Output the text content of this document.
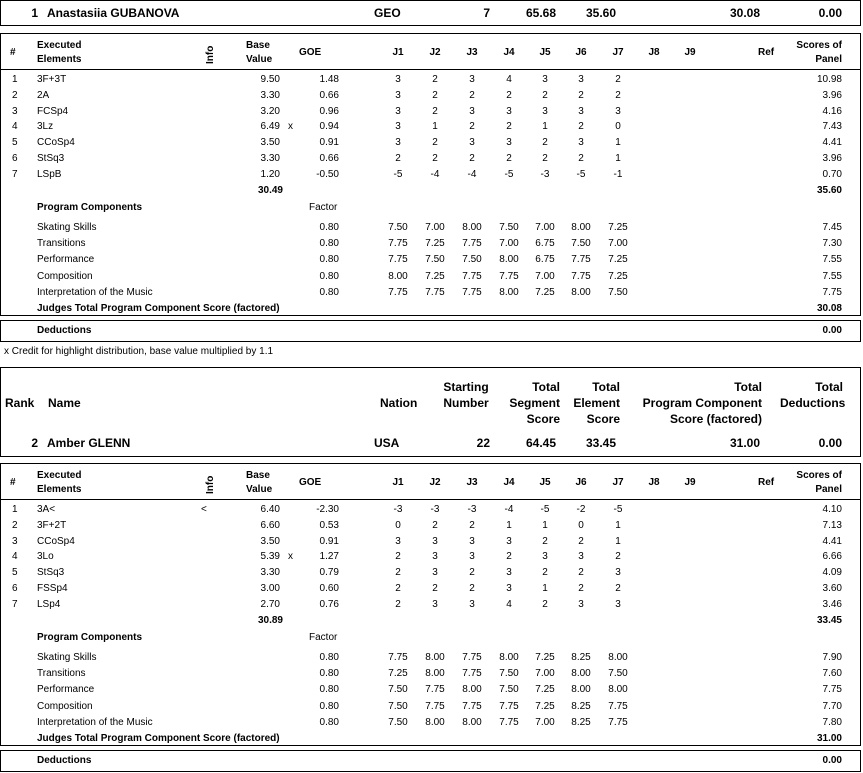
1 Anastasiia GUBANOVA	GEO	7	65.68	35.60	30.08	0.00
#
Executed
Elements	Info
Base
Value
GOE	J1	J2	J3	J4	J5	J6	J7	J8	J9	Ref
Scores of
Panel
1 3F+3T	9.50	1.48	3	2	3	4	3	3	2	10.98
2 2A	3.30	0.66	3	2	2	2	2	2	2	3.96
3 FCSp4	3.20	0.96	3	2	3	3	3	3	3	4.16
4 3Lz	6.49 x	0.94	3	1	2	2	1	2	0	7.43
5 CCoSp4	3.50	0.91	3	2	3	3	2	3	1	4.41
6 StSq3	3.30	0.66	2	2	2	2	2	2	1	3.96
7 LSpB	1.20	-0.50	-5	-4	-4	-5	-3	-5	-1	0.70
30.49	35.60
Program Components	Factor
Skating Skills	0.80	7.50	7.00	8.00	7.50	7.00	8.00	7.25	7.45
Transitions	0.80	7.75	7.25	7.75	7.00	6.75	7.50	7.00	7.30
Performance	0.80	7.75	7.50	7.50	8.00	6.75	7.75	7.25	7.55
Composition	0.80	8.00	7.25	7.75	7.75	7.00	7.75	7.25	7.55
Interpretation of the Music	0.80	7.75	7.75	7.75	8.00	7.25	8.00	7.50	7.75
Judges Total Program Component Score (factored)	30.08
Deductions	0.00
x Credit for highlight distribution, base value multiplied by 1.1
Rank Name	Nation
Starting
Number
Total
Segment
Score
Total
Element
Score
Total
Program Component
Score (factored)
Total
Deductions
2 Amber GLENN	USA	22	64.45	33.45	31.00	0.00
#
Executed
Elements	Info
Base
Value
GOE	J1	J2	J3	J4	J5	J6	J7	J8	J9	Ref
Scores of
Panel
1 3A<	<	6.40	-2.30	-3	-3	-3	-4	-5	-2	-5	4.10
2 3F+2T	6.60	0.53	0	2	2	1	1	0	1	7.13
3 CCoSp4	3.50	0.91	3	3	3	3	2	2	1	4.41
4 3Lo	5.39 x	1.27	2	3	3	2	3	3	2	6.66
5 StSq3	3.30	0.79	2	3	2	3	2	2	3	4.09
6 FSSp4	3.00	0.60	2	2	2	3	1	2	2	3.60
7 LSp4	2.70	0.76	2	3	3	4	2	3	3	3.46
30.89	33.45
Program Components	Factor
Skating Skills	0.80	7.75	8.00	7.75	8.00	7.25	8.25	8.00	7.90
Transitions	0.80	7.25	8.00	7.75	7.50	7.00	8.00	7.50	7.60
Performance	0.80	7.50	7.75	8.00	7.50	7.25	8.00	8.00	7.75
Composition	0.80	7.50	7.75	7.75	7.75	7.25	8.25	7.75	7.70
Interpretation of the Music	0.80	7.50	8.00	8.00	7.75	7.00	8.25	7.75	7.80
Judges Total Program Component Score (factored)	31.00
Deductions	0.00
